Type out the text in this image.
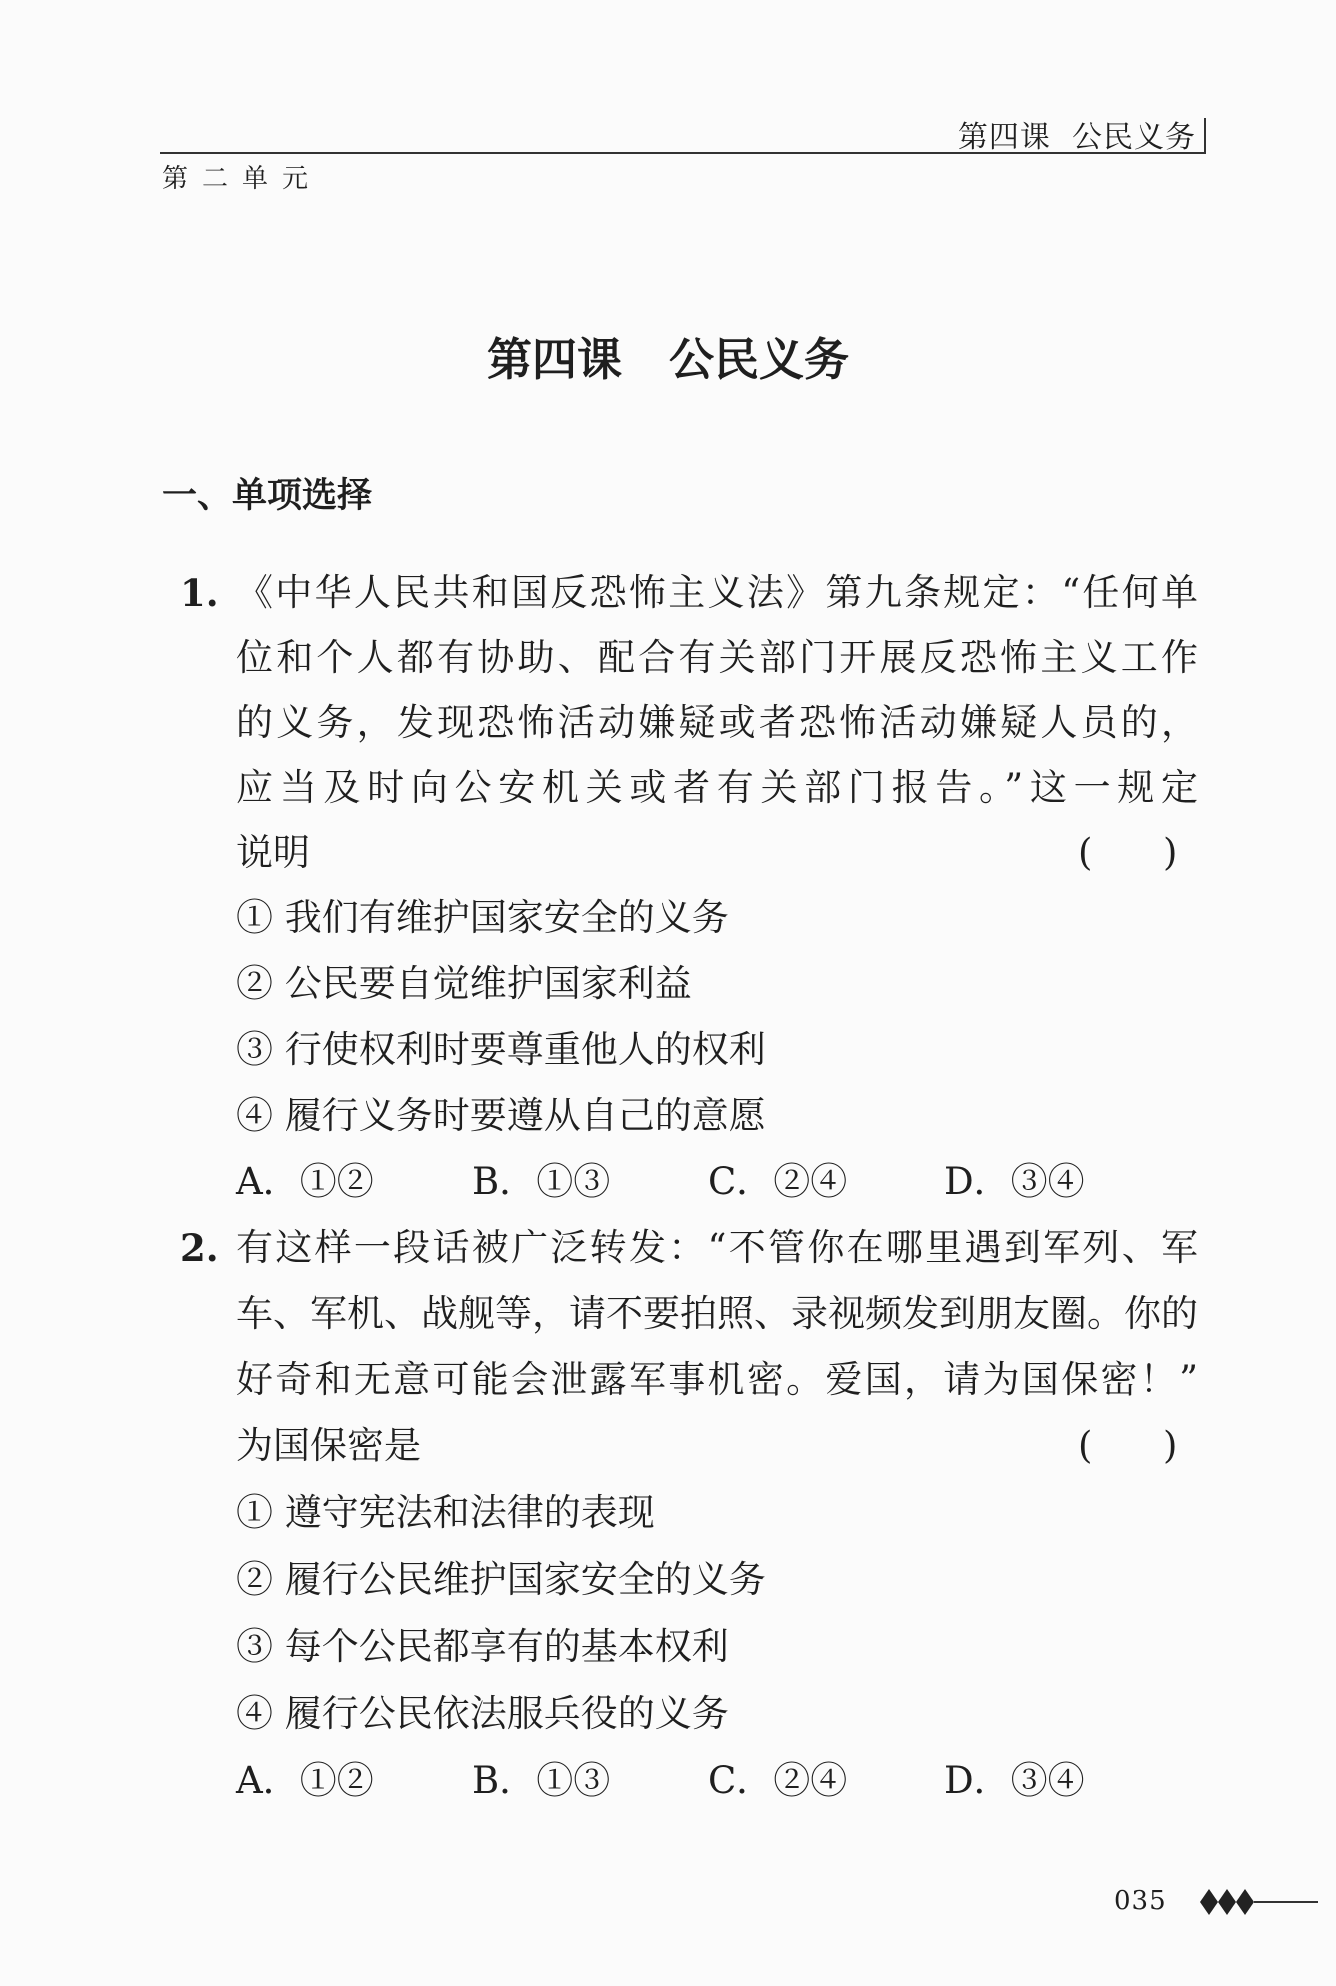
第四课  公民义务
第二单元
第四课   公民义务
一、单项选择
1. 《中华人民共和国反恐怖主义法》第九条规定：“任何单
位和个人都有协助、配合有关部门开展反恐怖主义工作
的义务，发现恐怖活动嫌疑或者恐怖活动嫌疑人员的，
应当及时向公安机关或者有关部门报告。”这一规定
说明	(      )
① 我们有维护国家安全的义务
② 公民要自觉维护国家利益
③ 行使权利时要尊重他人的权利
④ 履行义务时要遵从自己的意愿
A．①②	B．①③	C．②④	D．③④
2. 有这样一段话被广泛转发：“不管你在哪里遇到军列、军
车、军机、战舰等，请不要拍照、录视频发到朋友圈。你的
好奇和无意可能会泄露军事机密。爱国，请为国保密！”
为国保密是	(      )
① 遵守宪法和法律的表现
② 履行公民维护国家安全的义务
③ 每个公民都享有的基本权利
④ 履行公民依法服兵役的义务
A．①②	B．①③	C．②④	D．③④
035
